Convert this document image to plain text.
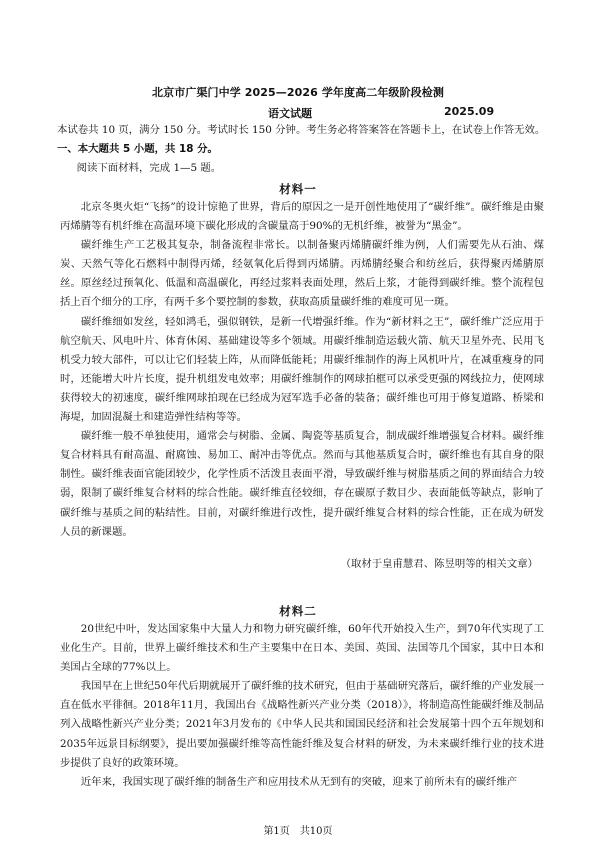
北京市广渠门中学 2025—2026 学年度高二年级阶段检测
语文试题	2025.09

本试卷共 10 页，满分 150 分。考试时长 150 分钟。考生务必将答案答在答题卡上，在试卷上作答无效。

一、本大题共 5 小题，共 18 分。

阅读下面材料，完成 1—5 题。

材料一

北京冬奥火炬“飞扬”的设计惊艳了世界，背后的原因之一是开创性地使用了“碳纤维”。碳纤维是由聚丙烯腈等有机纤维在高温环境下碳化形成的含碳量高于90%的无机纤维，被誉为“黑金”。

碳纤维生产工艺极其复杂，制备流程非常长。以制备聚丙烯腈碳纤维为例，人们需要先从石油、煤炭、天然气等化石燃料中制得丙烯，经氨氧化后得到丙烯腈。丙烯腈经聚合和纺丝后，获得聚丙烯腈原丝。原丝经过预氧化、低温和高温碳化，再经过浆料表面处理，然后上浆，才能得到碳纤维。整个流程包括上百个细分的工序，有两千多个要控制的参数，获取高质量碳纤维的难度可见一斑。

碳纤维细如发丝，轻如鸿毛，强似钢铁，是新一代增强纤维。作为“新材料之王”，碳纤维广泛应用于航空航天、风电叶片、体育休闲、基础建设等多个领域。用碳纤维制造运载火箭、航天卫星外壳、民用飞机受力较大部件，可以让它们轻装上阵，从而降低能耗；用碳纤维制作的海上风机叶片，在减重瘦身的同时，还能增大叶片长度，提升机组发电效率；用碳纤维制作的网球拍框可以承受更强的网线拉力，使网球获得较大的初速度，碳纤维网球拍现在已经成为冠军选手必备的装备；碳纤维也可用于修复道路、桥梁和海堤，加固混凝土和建造弹性结构等等。

碳纤维一般不单独使用，通常会与树脂、金属、陶瓷等基质复合，制成碳纤维增强复合材料。碳纤维复合材料具有耐高温、耐腐蚀、易加工、耐冲击等优点。然而与其他基质复合时，碳纤维也有其自身的限制性。碳纤维表面官能团较少，化学性质不活泼且表面平滑，导致碳纤维与树脂基质之间的界面结合力较弱，限制了碳纤维复合材料的综合性能。碳纤维直径较细，存在碳原子数目少、表面能低等缺点，影响了碳纤维与基质之间的粘结性。目前，对碳纤维进行改性，提升碳纤维复合材料的综合性能，正在成为研发人员的新课题。

（取材于皇甫慧君、陈昱明等的相关文章）
材料二

20世纪中叶，发达国家集中大量人力和物力研究碳纤维，60年代开始投入生产，到70年代实现了工业化生产。目前，世界上碳纤维技术和生产主要集中在日本、美国、英国、法国等几个国家，其中日本和美国占全球的77%以上。

我国早在上世纪50年代后期就展开了碳纤维的技术研究，但由于基础研究落后，碳纤维的产业发展一直在低水平徘徊。2018年11月，我国出台《战略性新兴产业分类（2018）》，将制造高性能碳纤维及制品列入战略性新兴产业分类；2021年3月发布的《中华人民共和国国民经济和社会发展第十四个五年规划和2035年远景目标纲要》，提出要加强碳纤维等高性能纤维及复合材料的研发，为未来碳纤维行业的技术进步提供了良好的政策环境。

近年来，我国实现了碳纤维的制备生产和应用技术从无到有的突破，迎来了前所未有的碳纤维产

第1页 共10页
